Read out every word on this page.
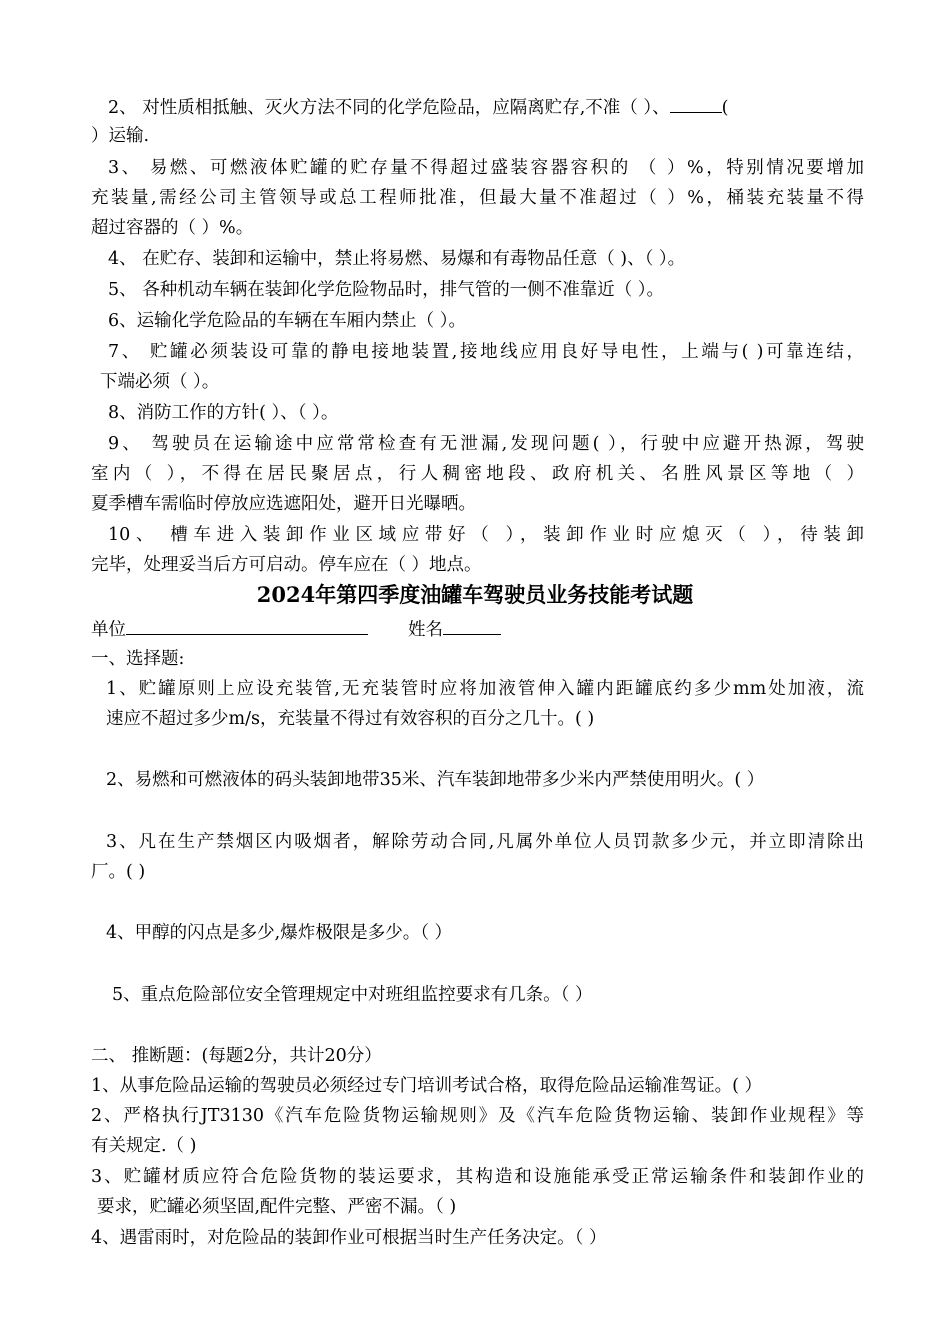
2、 对性质相抵触、灭火方法不同的化学危险品，应隔离贮存,不准（ ）、	(
）运输.
3、 易燃、可燃液体贮罐的贮存量不得超过盛装容器容积的 （ ）%，特别情况要增加
充装量,需经公司主管领导或总工程师批准，但最大量不准超过（ ）%，桶装充装量不得
超过容器的（ ）%。
4、 在贮存、装卸和运输中，禁止将易燃、易爆和有毒物品任意（ )、（ ）。
5、 各种机动车辆在装卸化学危险物品时，排气管的一侧不准靠近（ ）。
6、运输化学危险品的车辆在车厢内禁止（ ）。
7、 贮罐必须装设可靠的静电接地装置,接地线应用良好导电性，上端与( )可靠连结，
下端必须（ ）。
8、消防工作的方针( ）、（ ）。
9、 驾驶员在运输途中应常常检查有无泄漏,发现问题( ），行驶中应避开热源，驾驶
室内（ ），不得在居民聚居点，行人稠密地段、政府机关、名胜风景区等地（ ）
夏季槽车需临时停放应选遮阳处，避开日光曝晒。
10、 槽车进入装卸作业区域应带好（ ），装卸作业时应熄灭（ ），待装卸
完毕，处理妥当后方可启动。停车应在（ ）地点。
2024年第四季度油罐车驾驶员业务技能考试题
单位	姓名
一、选择题:
1、贮罐原则上应设充装管,无充装管时应将加液管伸入罐内距罐底约多少mm处加液，流
速应不超过多少m/s，充装量不得过有效容积的百分之几十。( )
2、易燃和可燃液体的码头装卸地带35米、汽车装卸地带多少米内严禁使用明火。( ）
3、凡在生产禁烟区内吸烟者，解除劳动合同,凡属外单位人员罚款多少元，并立即清除出
厂。( )
4、甲醇的闪点是多少,爆炸极限是多少。（ ）
5、重点危险部位安全管理规定中对班组监控要求有几条。（ ）
二、 推断题：(每题2分，共计20分）
1、从事危险品运输的驾驶员必须经过专门培训考试合格，取得危险品运输准驾证。( ）
2、严格执行JT3130《汽车危险货物运输规则》及《汽车危险货物运输、装卸作业规程》等
有关规定.（ )
3、贮罐材质应符合危险货物的装运要求，其构造和设施能承受正常运输条件和装卸作业的
要求，贮罐必须坚固,配件完整、严密不漏。（ )
4、遇雷雨时，对危险品的装卸作业可根据当时生产任务决定。（ ）
